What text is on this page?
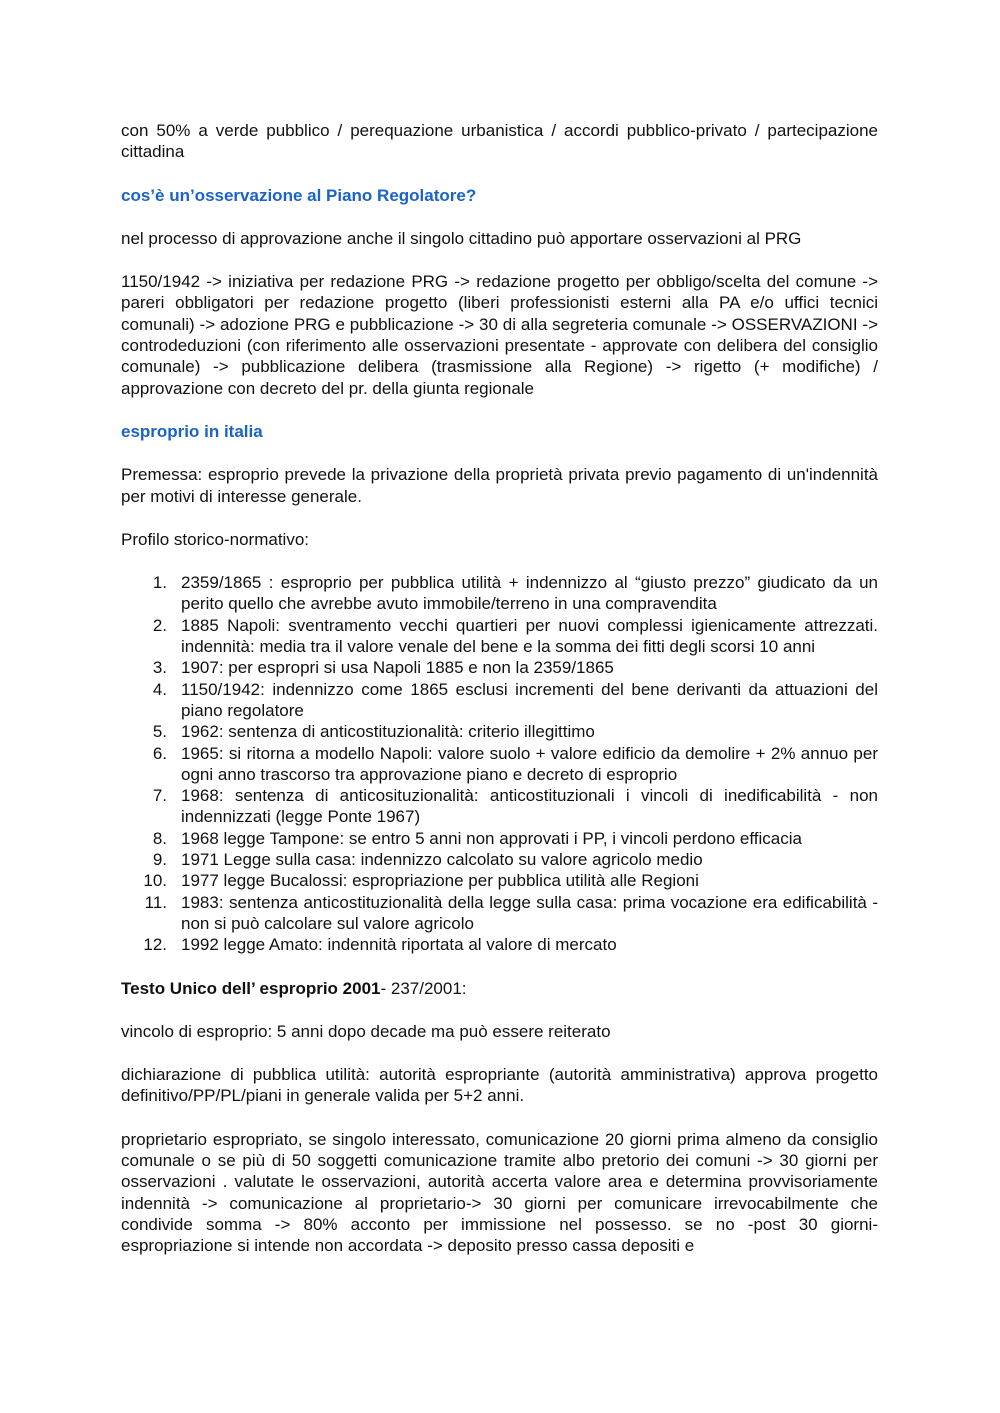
con 50% a verde pubblico / perequazione urbanistica / accordi pubblico-privato / partecipazione cittadina

cos’è un’osservazione al Piano Regolatore?

nel processo di approvazione anche il singolo cittadino può apportare osservazioni al PRG

1150/1942 -> iniziativa per redazione PRG -> redazione progetto per obbligo/scelta del comune -> pareri obbligatori per redazione progetto (liberi professionisti esterni alla PA e/o uffici tecnici comunali) -> adozione PRG e pubblicazione -> 30 di alla segreteria comunale -> OSSERVAZIONI -> controdeduzioni (con riferimento alle osservazioni presentate - approvate con delibera del consiglio comunale) -> pubblicazione delibera (trasmissione alla Regione) -> rigetto (+ modifiche) / approvazione con decreto del pr. della giunta regionale

esproprio in italia

Premessa: esproprio prevede la privazione della proprietà privata previo pagamento di un'indennità per motivi di interesse generale.

Profilo storico-normativo:

1. 2359/1865 : esproprio per pubblica utilità + indennizzo al “giusto prezzo” giudicato da un perito quello che avrebbe avuto immobile/terreno in una compravendita
2. 1885 Napoli: sventramento vecchi quartieri per nuovi complessi igienicamente attrezzati. indennità: media tra il valore venale del bene e la somma dei fitti degli scorsi 10 anni
3. 1907: per espropri si usa Napoli 1885 e non la 2359/1865
4. 1150/1942: indennizzo come 1865 esclusi incrementi del bene derivanti da attuazioni del piano regolatore
5. 1962: sentenza di anticostituzionalità: criterio illegittimo
6. 1965: si ritorna a modello Napoli: valore suolo + valore edificio da demolire + 2% annuo per ogni anno trascorso tra approvazione piano e decreto di esproprio
7. 1968: sentenza di anticosituzionalità: anticostituzionali i vincoli di inedificabilità - non indennizzati (legge Ponte 1967)
8. 1968 legge Tampone: se entro 5 anni non approvati i PP, i vincoli perdono efficacia
9. 1971 Legge sulla casa: indennizzo calcolato su valore agricolo medio
10. 1977 legge Bucalossi: espropriazione per pubblica utilità alle Regioni
11. 1983: sentenza anticostituzionalità della legge sulla casa: prima vocazione era edificabilità - non si può calcolare sul valore agricolo
12. 1992 legge Amato: indennità riportata al valore di mercato

Testo Unico dell’ esproprio 2001- 237/2001:

vincolo di esproprio: 5 anni dopo decade ma può essere reiterato

dichiarazione di pubblica utilità: autorità espropriante (autorità amministrativa) approva progetto definitivo/PP/PL/piani in generale valida per 5+2 anni.

proprietario espropriato, se singolo interessato, comunicazione 20 giorni prima almeno da consiglio comunale o se più di 50 soggetti comunicazione tramite albo pretorio dei comuni -> 30 giorni per osservazioni . valutate le osservazioni, autorità accerta valore area e determina provvisoriamente indennità -> comunicazione al proprietario-> 30 giorni per comunicare irrevocabilmente che condivide somma -> 80% acconto per immissione nel possesso. se no -post 30 giorni- espropriazione si intende non accordata -> deposito presso cassa depositi e
